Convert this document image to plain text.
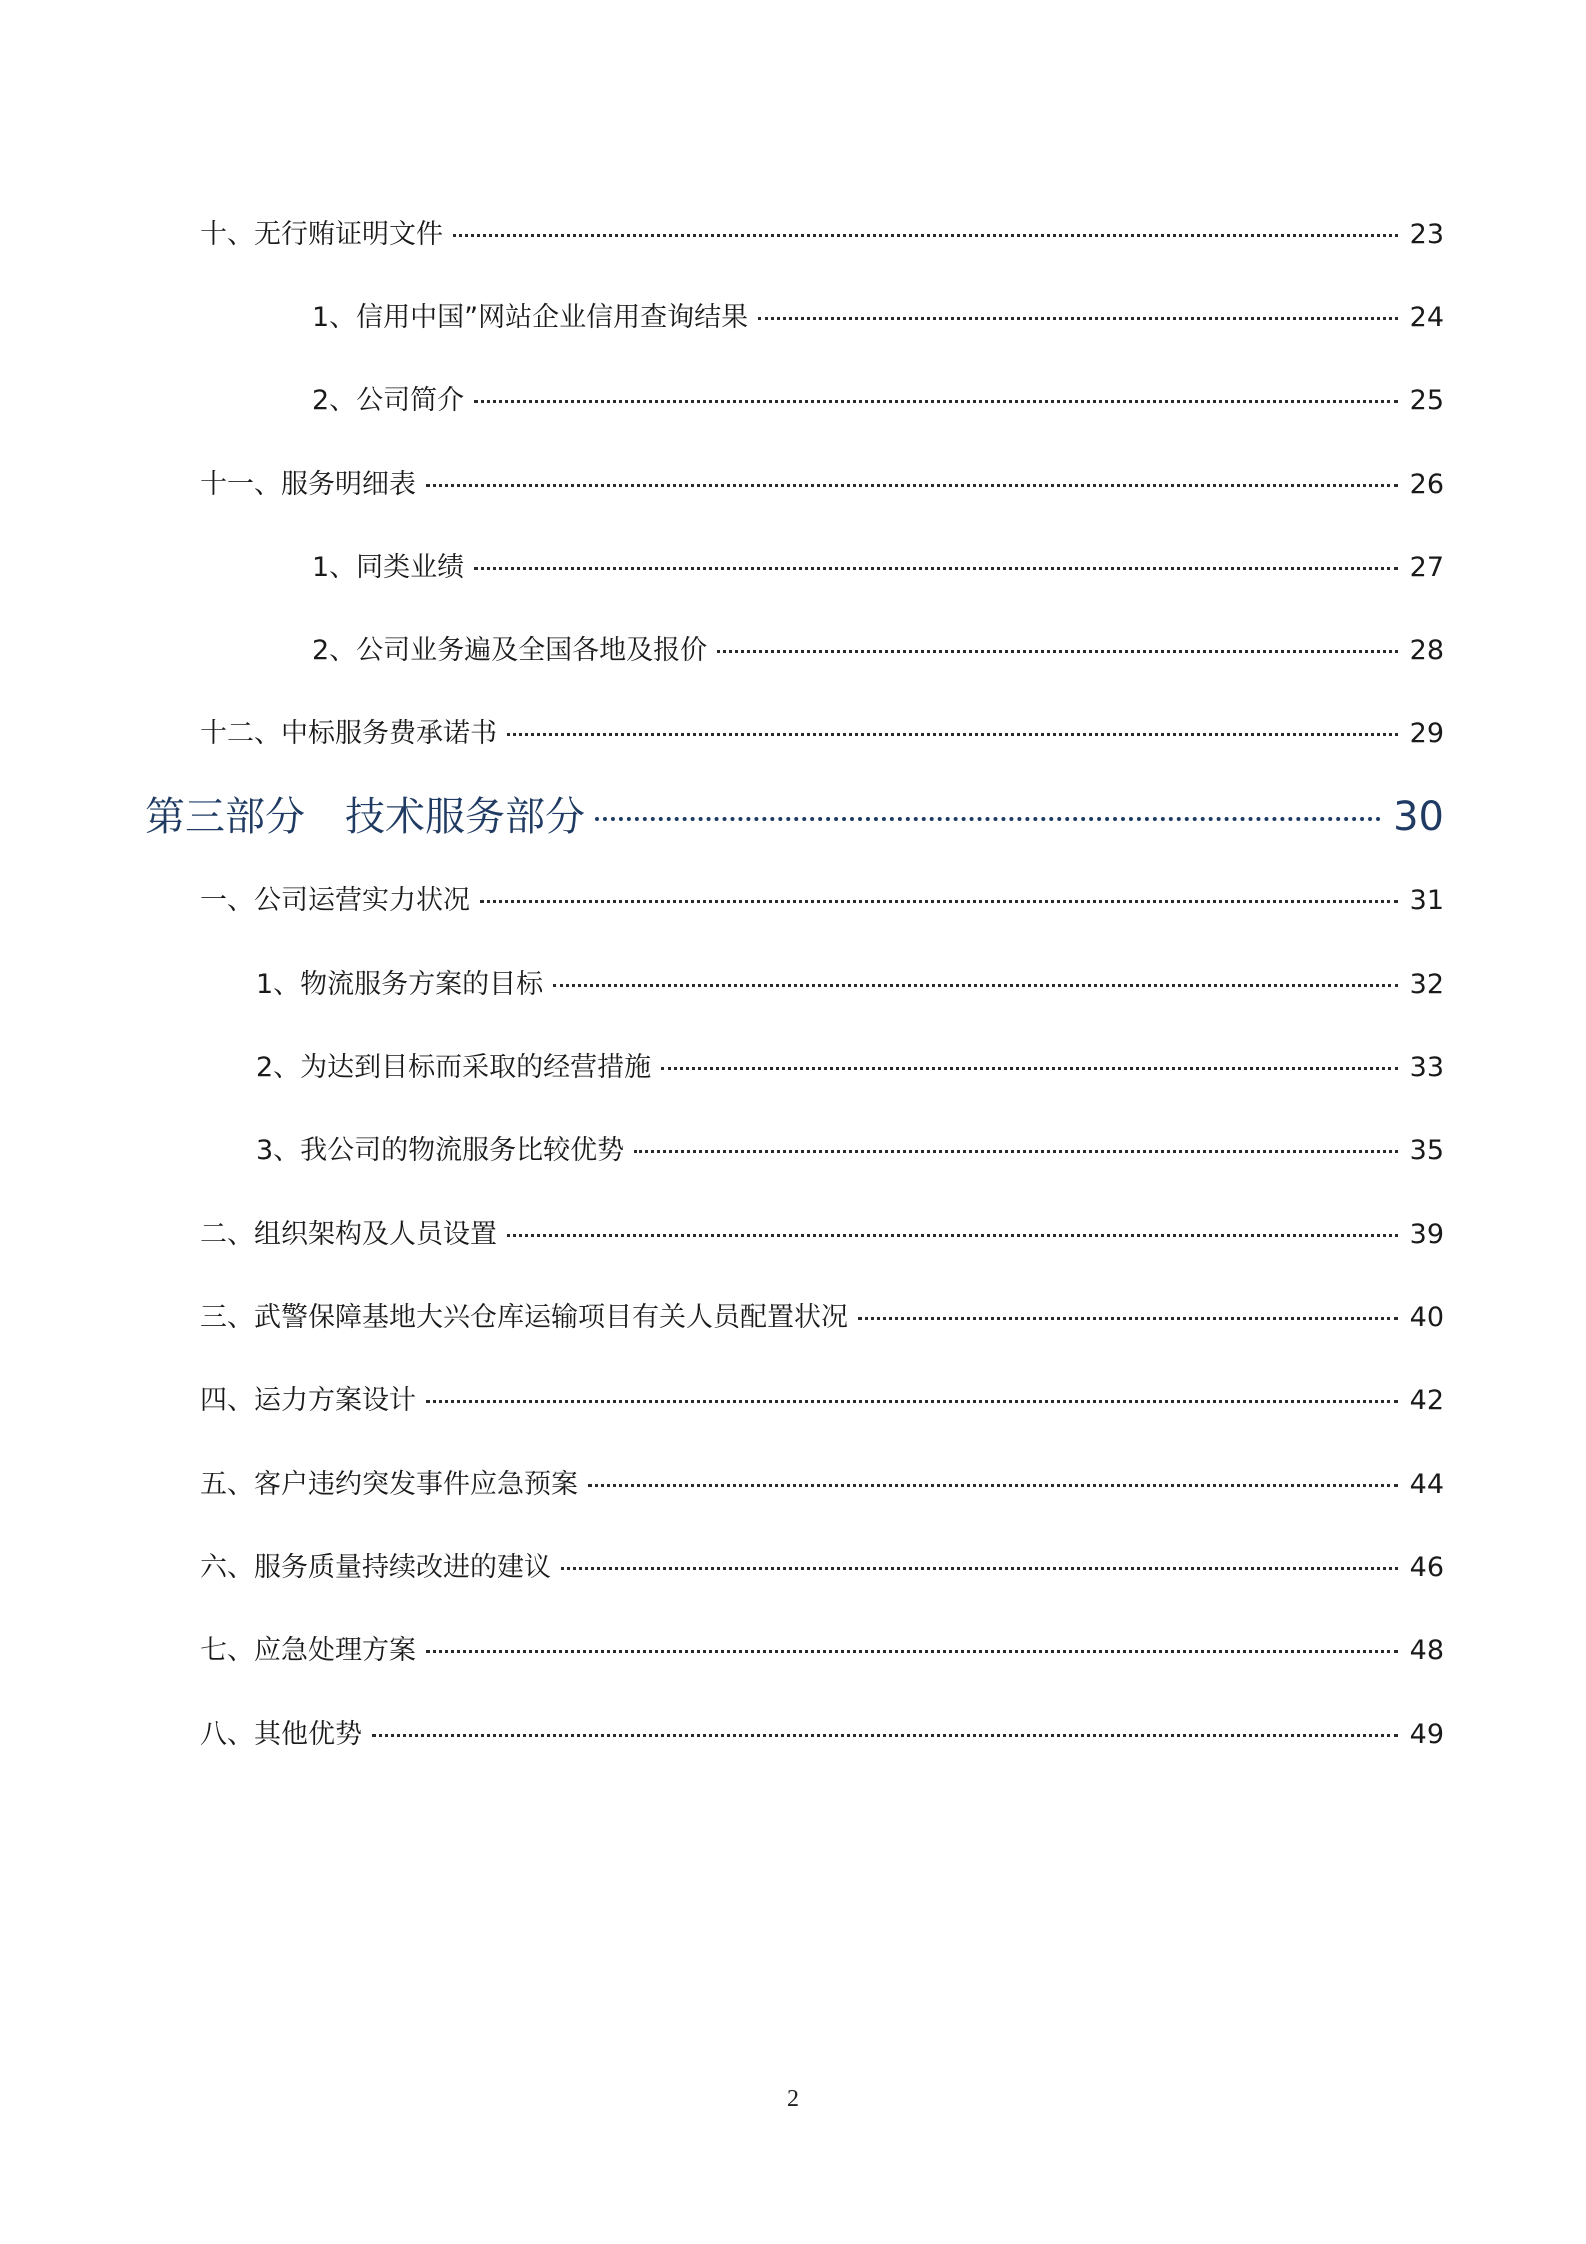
十、无行贿证明文件	23
1、信用中国”网站企业信用查询结果	24
2、公司简介	25
十一、服务明细表	26
1、同类业绩	27
2、公司业务遍及全国各地及报价	28
十二、中标服务费承诺书	29
第三部分 技术服务部分	30
一、公司运营实力状况	31
1、物流服务方案的目标	32
2、为达到目标而采取的经营措施	33
3、我公司的物流服务比较优势	35
二、组织架构及人员设置	39
三、武警保障基地大兴仓库运输项目有关人员配置状况	40
四、运力方案设计	42
五、客户违约突发事件应急预案	44
六、服务质量持续改进的建议	46
七、应急处理方案	48
八、其他优势	49
2
